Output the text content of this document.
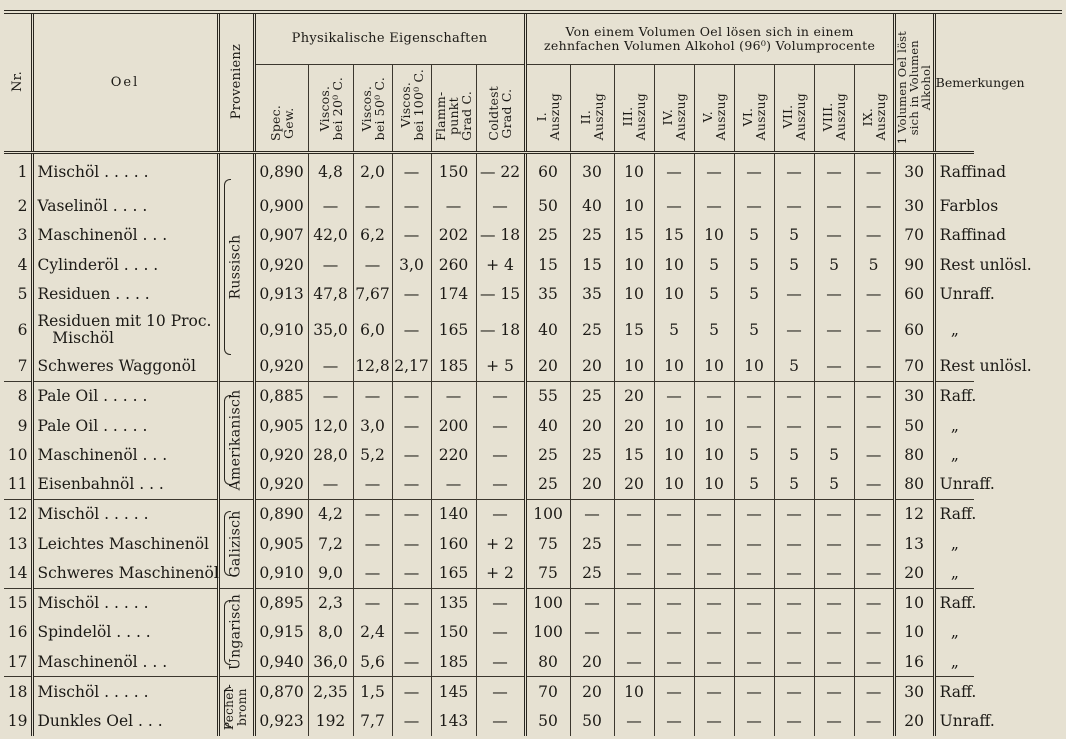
Nr.	Oel	Provenienz	Physikalische Eigenschaften						Von einem Volumen Oel lösen sich in einem zehnfachen Volumen Alkohol (96⁰) Volumprocente									1 Volumen Oel löst
sich in Volumen
Alkohol	Bemerkungen
			Spec.
Gew.	Viscos.
bei 20⁰ C.	Viscos.
bei 50⁰ C.	Viscos.
bei 100⁰ C.	Flamm-
punkt
Grad C.	Coldtest
Grad C.	I.
Auszug	II.
Auszug	III.
Auszug	IV.
Auszug	V.
Auszug	VI.
Auszug	VII.
Auszug	VIII.
Auszug	IX.
Auszug		
1	Mischöl . . . . .	Russisch	0,890	4,8	2,0	—	150	— 22	60	30	10	—	—	—	—	—	—	30	Raffinad
2	Vaselinöl . . . .		0,900	—	—	—	—	—	50	40	10	—	—	—	—	—	—	30	Farblos
3	Maschinenöl . . .		0,907	42,0	6,2	—	202	— 18	25	25	15	15	10	5	5	—	—	70	Raffinad
4	Cylinderöl . . . .		0,920	—	—	3,0	260	+ 4	15	15	10	10	5	5	5	5	5	90	Rest unlösl.
5	Residuen . . . .		0,913	47,8	7,67	—	174	— 15	35	35	10	10	5	5	—	—	—	60	Unraff.
6	Residuen mit 10 Proc.
Mischöl		0,910	35,0	6,0	—	165	— 18	40	25	15	5	5	5	—	—	—	60	„
7	Schweres Waggonöl		0,920	—	12,8	2,17	185	+ 5	20	20	10	10	10	10	5	—	—	70	Rest unlösl.
8	Pale Oil . . . . .	Amerikanisch	0,885	—	—	—	—	—	55	25	20	—	—	—	—	—	—	30	Raff.
9	Pale Oil . . . . .		0,905	12,0	3,0	—	200	—	40	20	20	10	10	—	—	—	—	50	„
10	Maschinenöl . . .		0,920	28,0	5,2	—	220	—	25	25	15	10	10	5	5	5	—	80	„
11	Eisenbahnöl . . .		0,920	—	—	—	—	—	25	20	20	10	10	5	5	5	—	80	Unraff.
12	Mischöl . . . . .	Galizisch	0,890	4,2	—	—	140	—	100	—	—	—	—	—	—	—	—	12	Raff.
13	Leichtes Maschinenöl		0,905	7,2	—	—	160	+ 2	75	25	—	—	—	—	—	—	—	13	„
14	Schweres Maschinenöl		0,910	9,0	—	—	165	+ 2	75	25	—	—	—	—	—	—	—	20	„
15	Mischöl . . . . .	Ungarisch	0,895	2,3	—	—	135	—	100	—	—	—	—	—	—	—	—	10	Raff.
16	Spindelöl . . . .		0,915	8,0	2,4	—	150	—	100	—	—	—	—	—	—	—	—	10	„
17	Maschinenöl . . .		0,940	36,0	5,6	—	185	—	80	20	—	—	—	—	—	—	—	16	„
18	Mischöl . . . . .	Pechel-
bronn	0,870	2,35	1,5	—	145	—	70	20	10	—	—	—	—	—	—	30	Raff.
19	Dunkles Oel . . .		0,923	192	7,7	—	143	—	50	50	—	—	—	—	—	—	—	20	Unraff.
